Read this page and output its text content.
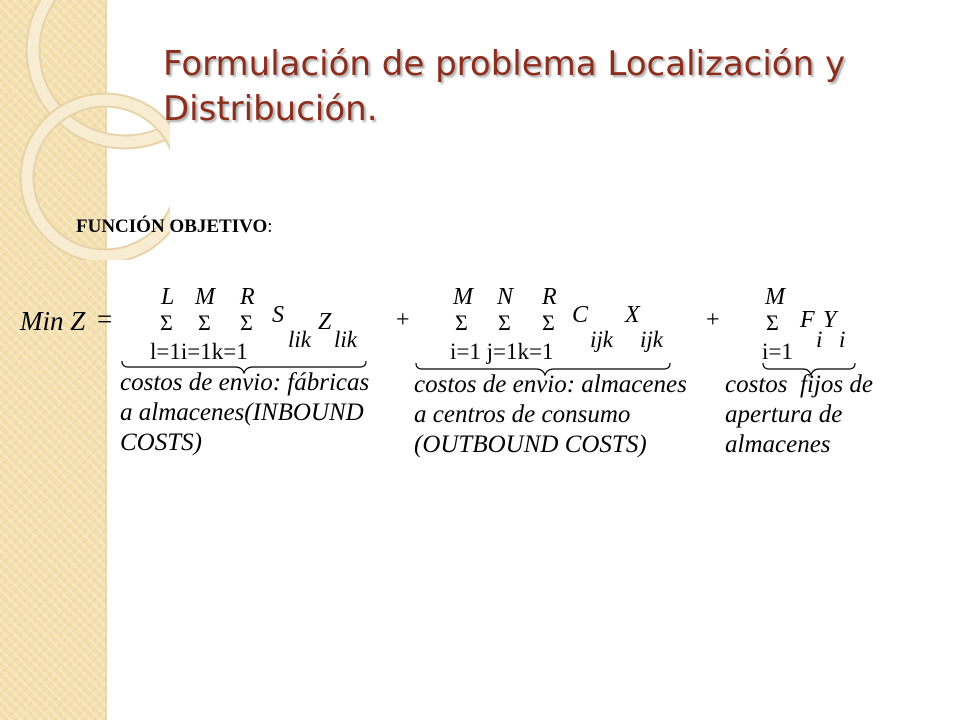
Formulación de problema Localización y
Distribución.
FUNCIÓN OBJETIVO:
Min Z =
L M R
Σ Σ Σ S
lik
Z
lik
l=1i=1k=1
costos de envio: fábricas
a almacenes(INBOUND
COSTS)
+
M N R
Σ Σ Σ C
ijk
X
ijk
i=1 j=1k=1
costos de envio: almacenes
a centros de consumo
(OUTBOUND COSTS)
+
M
Σ F
i
Y
i
i=1
costos  fijos de
apertura de
almacenes
